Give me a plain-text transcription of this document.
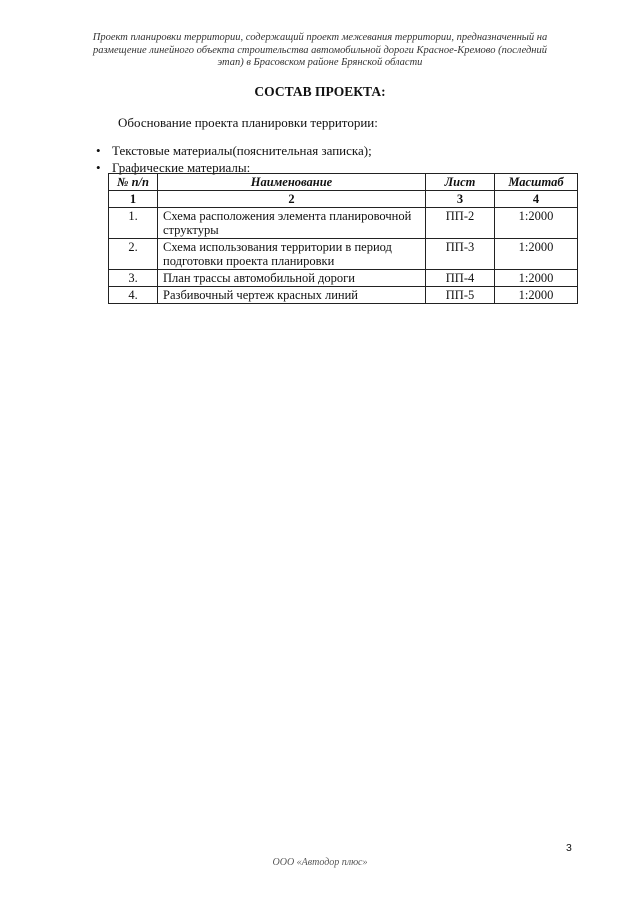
Проект планировки территории, содержащий проект межевания территории, предназначенный на
размещение линейного объекта строительства автомобильной дороги Красное-Кремово (последний
этап) в Брасовском районе Брянской области
СОСТАВ ПРОЕКТА:
Обоснование проекта планировки территории:
• Текстовые материалы(пояснительная записка);
• Графические материалы:
№ п/п	Наименование	Лист	Масштаб
1	2	3	4
1.	Схема расположения элемента планировочной структуры	ПП-2	1:2000
2.	Схема использования территории в период подготовки проекта планировки	ПП-3	1:2000
3.	План трассы автомобильной дороги	ПП-4	1:2000
4.	Разбивочный чертеж красных линий	ПП-5	1:2000
3
ООО «Автодор плюс»
